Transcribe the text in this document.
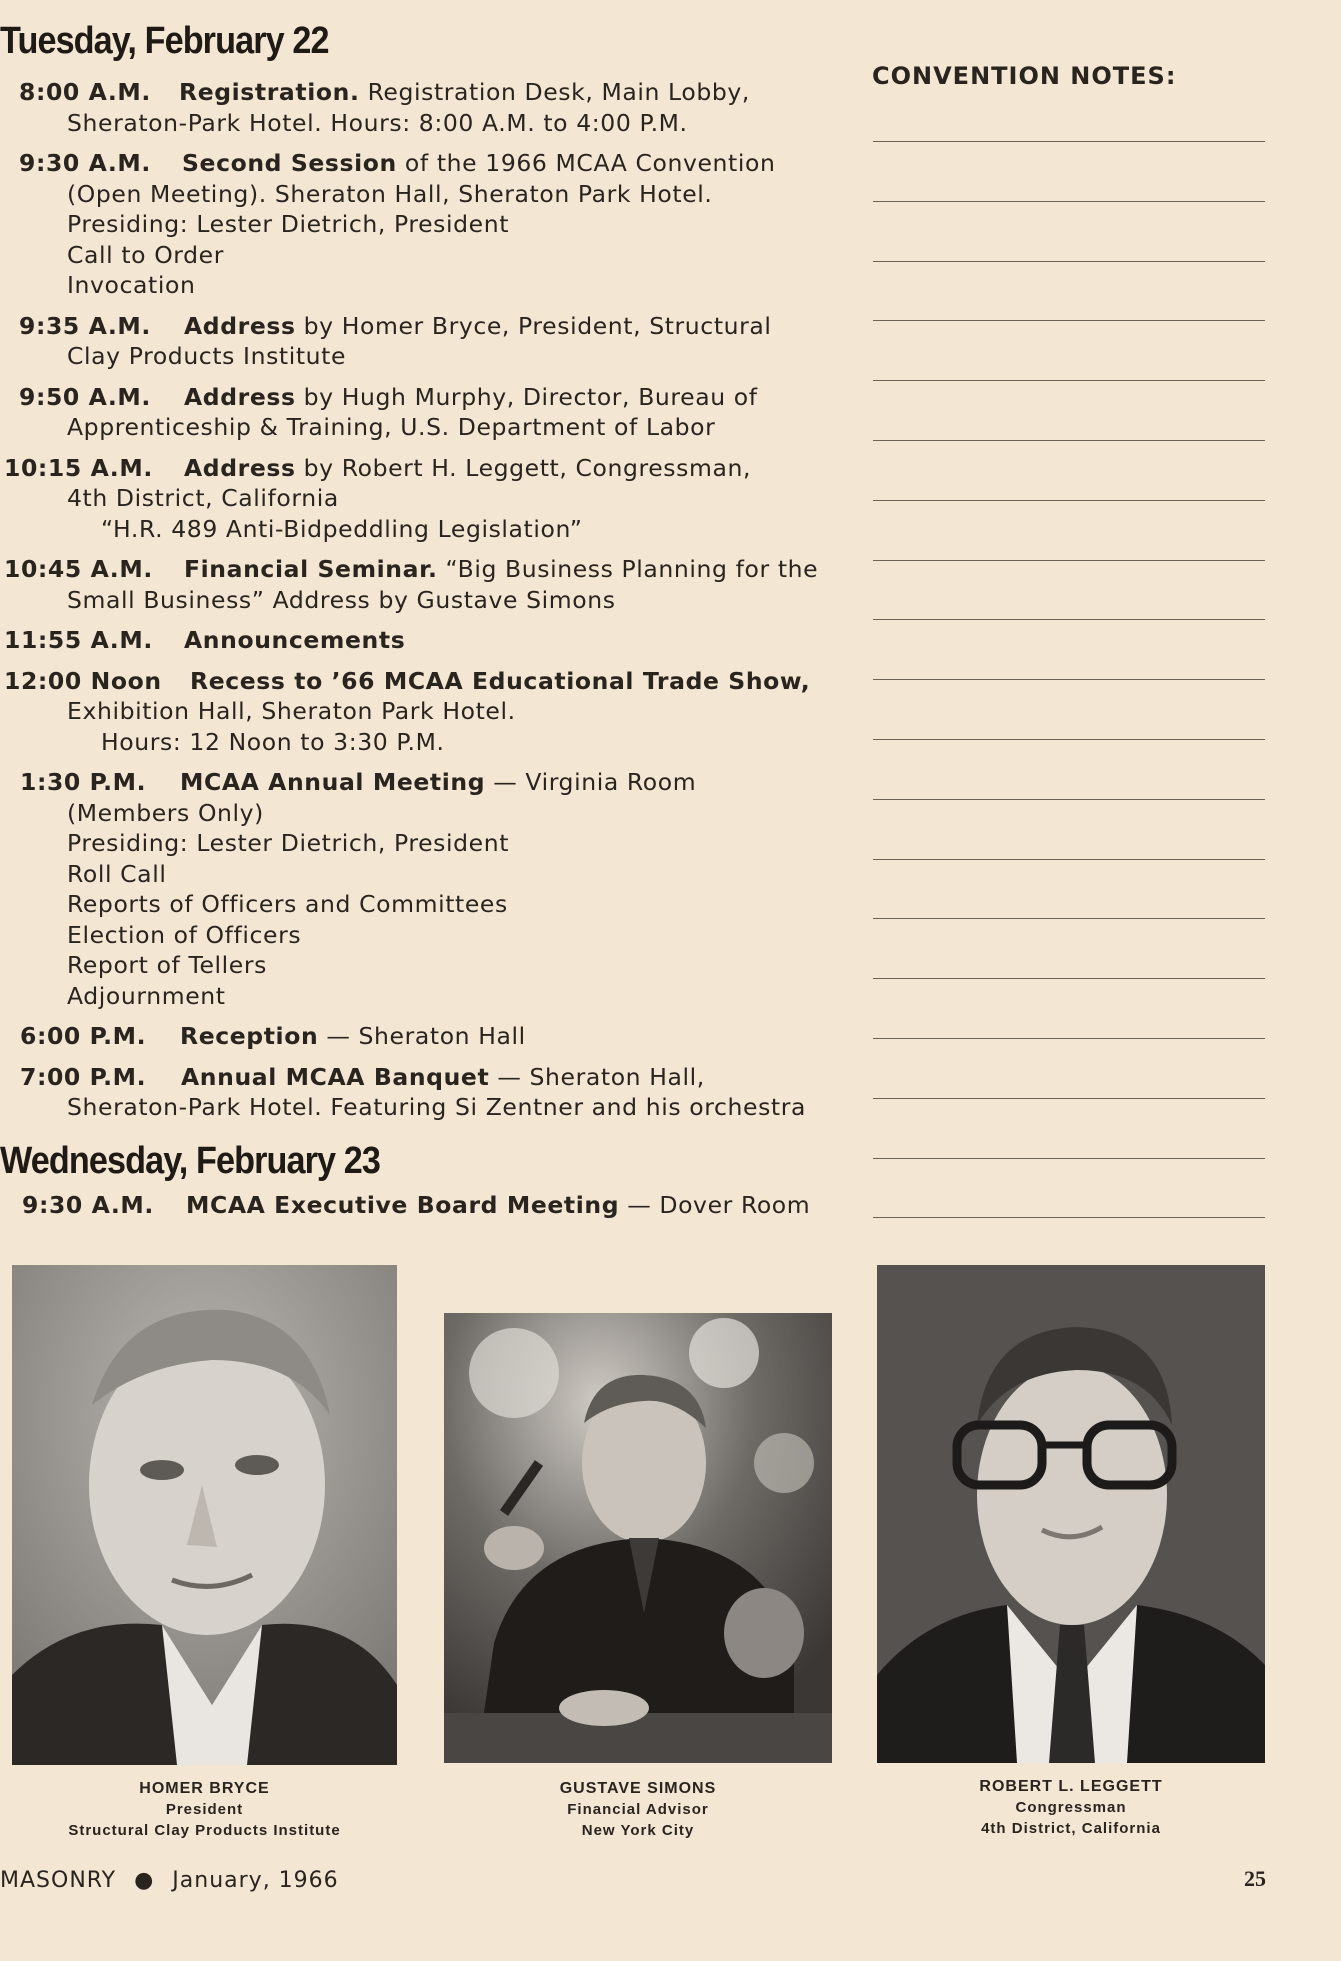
Tuesday, February 22
8:00 A.M. Registration. Registration Desk, Main Lobby,
Sheraton-Park Hotel. Hours: 8:00 A.M. to 4:00 P.M.
9:30 A.M. Second Session of the 1966 MCAA Convention
(Open Meeting). Sheraton Hall, Sheraton Park Hotel.
Presiding: Lester Dietrich, President
Call to Order
Invocation
9:35 A.M. Address by Homer Bryce, President, Structural
Clay Products Institute
9:50 A.M. Address by Hugh Murphy, Director, Bureau of
Apprenticeship & Training, U.S. Department of Labor
10:15 A.M. Address by Robert H. Leggett, Congressman,
4th District, California
“H.R. 489 Anti-Bidpeddling Legislation”
10:45 A.M. Financial Seminar. “Big Business Planning for the
Small Business” Address by Gustave Simons
11:55 A.M. Announcements
12:00 Noon Recess to ’66 MCAA Educational Trade Show,
Exhibition Hall, Sheraton Park Hotel.
Hours: 12 Noon to 3:30 P.M.
1:30 P.M. MCAA Annual Meeting — Virginia Room
(Members Only)
Presiding: Lester Dietrich, President
Roll Call
Reports of Officers and Committees
Election of Officers
Report of Tellers
Adjournment
6:00 P.M. Reception — Sheraton Hall
7:00 P.M. Annual MCAA Banquet — Sheraton Hall,
Sheraton-Park Hotel. Featuring Si Zentner and his orchestra
Wednesday, February 23
9:30 A.M. MCAA Executive Board Meeting — Dover Room
CONVENTION NOTES:
HOMER BRYCE
President
Structural Clay Products Institute
GUSTAVE SIMONS
Financial Advisor
New York City
ROBERT L. LEGGETT
Congressman
4th District, California
MASONRY ● January, 1966	25
